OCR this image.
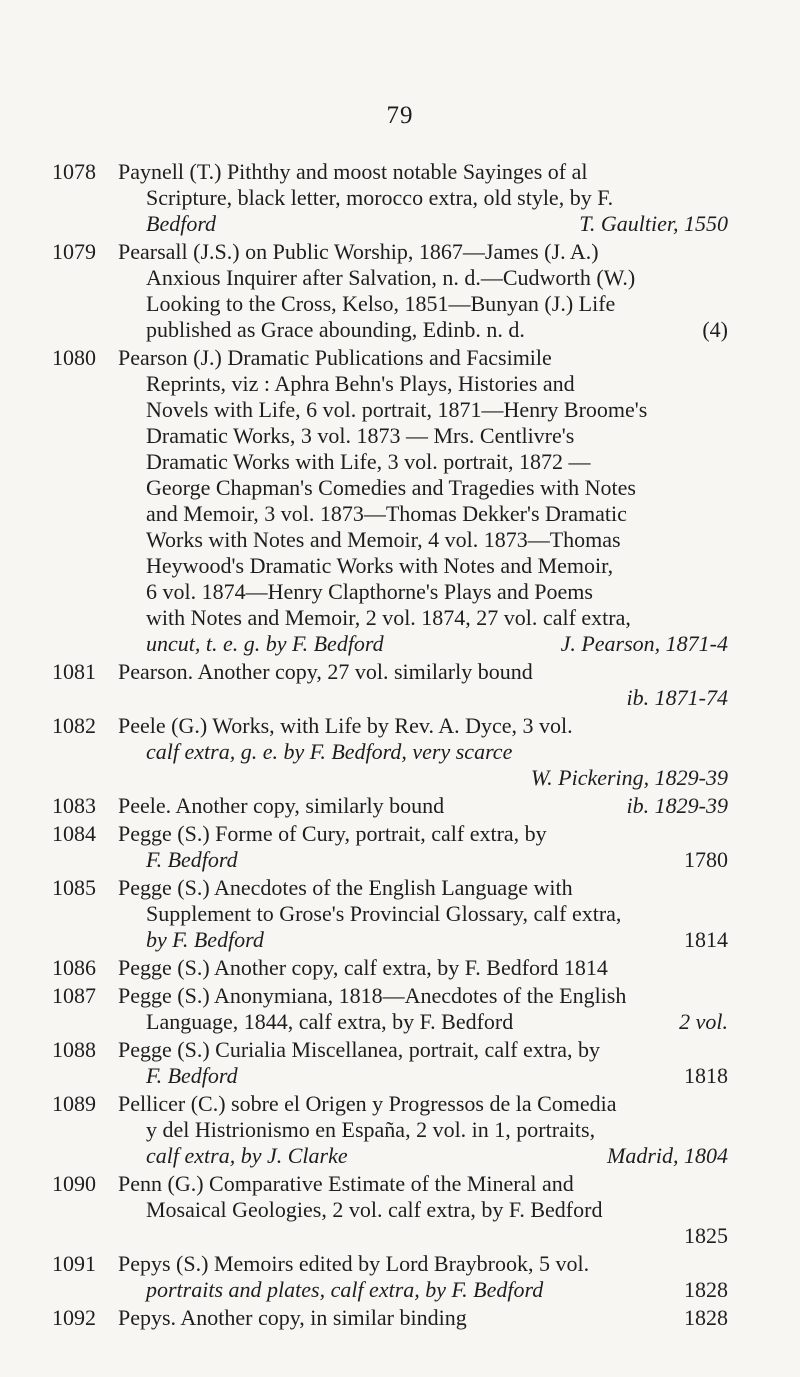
79
1078 Paynell (T.) Piththy and moost notable Sayinges of al
Scripture, black letter, morocco extra, old style, by F.
Bedford	T. Gaultier, 1550
1079 Pearsall (J.S.) on Public Worship, 1867—James (J. A.)
Anxious Inquirer after Salvation, n. d.—Cudworth (W.)
Looking to the Cross, Kelso, 1851—Bunyan (J.) Life
published as Grace abounding, Edinb. n. d.	(4)
1080 Pearson (J.) Dramatic Publications and Facsimile
Reprints, viz : Aphra Behn's Plays, Histories and
Novels with Life, 6 vol. portrait, 1871—Henry Broome's
Dramatic Works, 3 vol. 1873 — Mrs. Centlivre's
Dramatic Works with Life, 3 vol. portrait, 1872 —
George Chapman's Comedies and Tragedies with Notes
and Memoir, 3 vol. 1873—Thomas Dekker's Dramatic
Works with Notes and Memoir, 4 vol. 1873—Thomas
Heywood's Dramatic Works with Notes and Memoir,
6 vol. 1874—Henry Clapthorne's Plays and Poems
with Notes and Memoir, 2 vol. 1874, 27 vol. calf extra,
uncut, t. e. g. by F. Bedford	J. Pearson, 1871-4
1081 Pearson. Another copy, 27 vol. similarly bound
ib. 1871-74
1082 Peele (G.) Works, with Life by Rev. A. Dyce, 3 vol.
calf extra, g. e. by F. Bedford, very scarce
W. Pickering, 1829-39
1083 Peele. Another copy, similarly bound	ib. 1829-39
1084 Pegge (S.) Forme of Cury, portrait, calf extra, by
F. Bedford	1780
1085 Pegge (S.) Anecdotes of the English Language with
Supplement to Grose's Provincial Glossary, calf extra,
by F. Bedford	1814
1086 Pegge (S.) Another copy, calf extra, by F. Bedford 1814
1087 Pegge (S.) Anonymiana, 1818—Anecdotes of the English
Language, 1844, calf extra, by F. Bedford	2 vol.
1088 Pegge (S.) Curialia Miscellanea, portrait, calf extra, by
F. Bedford	1818
1089 Pellicer (C.) sobre el Origen y Progressos de la Comedia
y del Histrionismo en España, 2 vol. in 1, portraits,
calf extra, by J. Clarke	Madrid, 1804
1090 Penn (G.) Comparative Estimate of the Mineral and
Mosaical Geologies, 2 vol. calf extra, by F. Bedford
1825
1091 Pepys (S.) Memoirs edited by Lord Braybrook, 5 vol.
portraits and plates, calf extra, by F. Bedford	1828
1092 Pepys. Another copy, in similar binding	1828
